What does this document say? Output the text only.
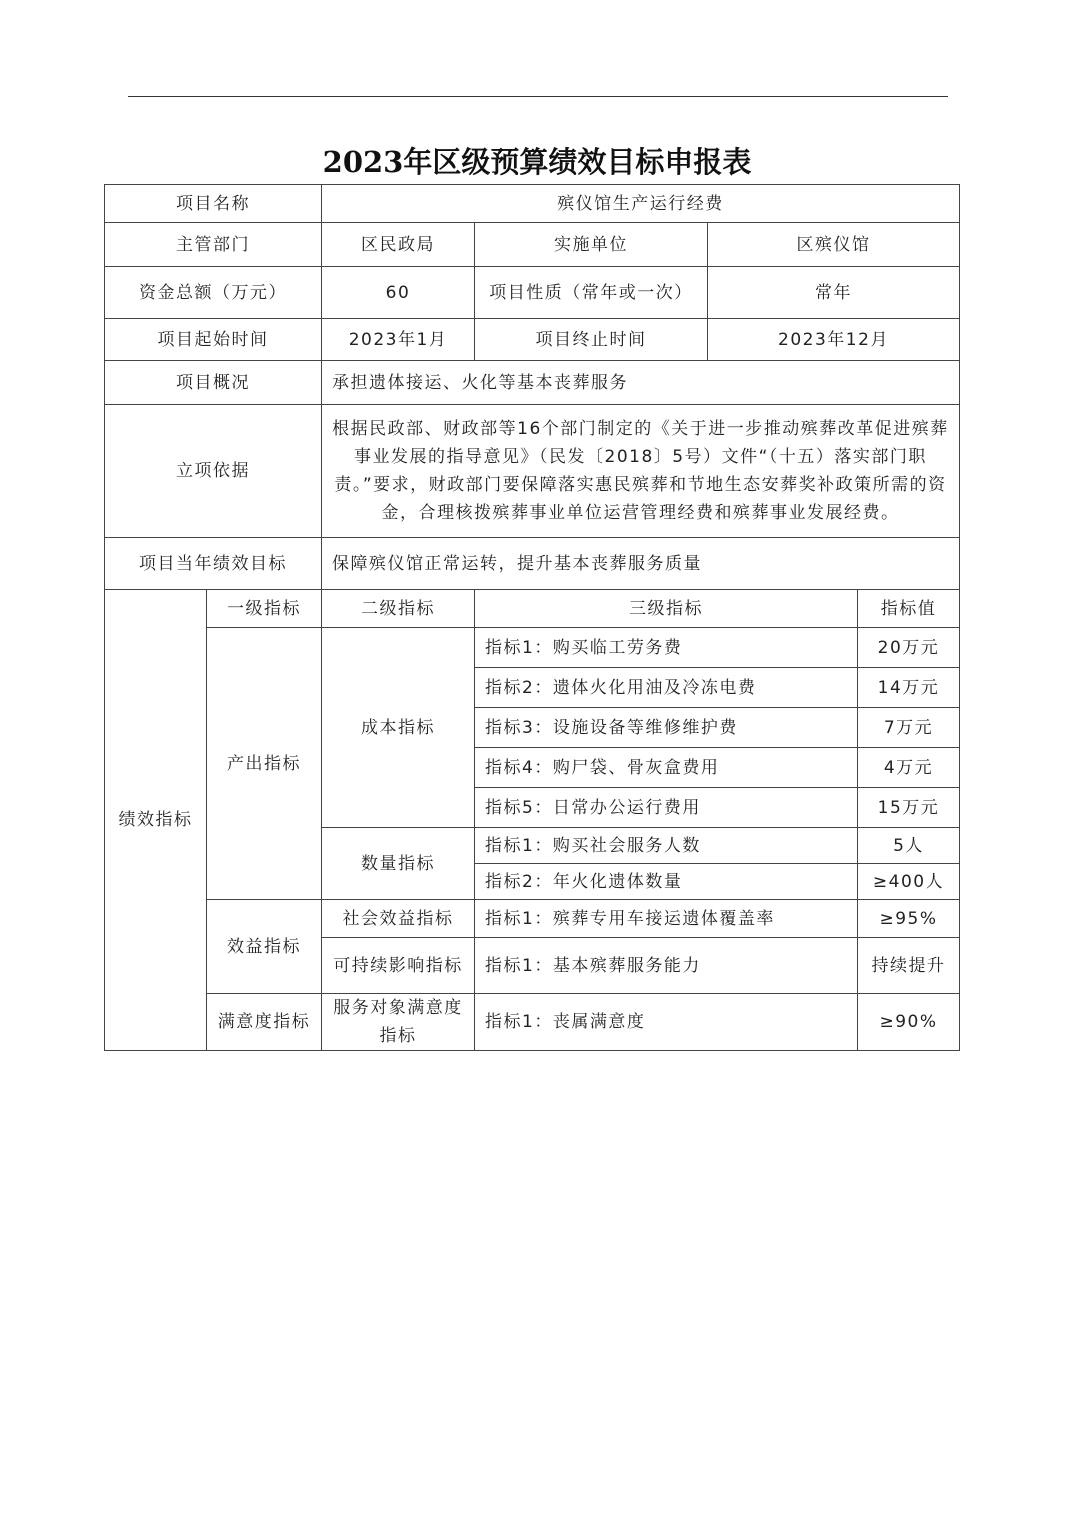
2023年区级预算绩效目标申报表
项目名称		殡仪馆生产运行经费			
主管部门		区民政局	实施单位	区殡仪馆	
资金总额（万元）		60	项目性质（常年或一次）	常年	
项目起始时间		2023年1月	项目终止时间	2023年12月	
项目概况		承担遗体接运、火化等基本丧葬服务			
立项依据		根据民政部、财政部等16个部门制定的《关于进一步推动殡葬改革促进殡葬事业发展的指导意见》（民发〔2018〕5号）文件“（十五）落实部门职责。”要求，财政部门要保障落实惠民殡葬和节地生态安葬奖补政策所需的资金，合理核拨殡葬事业单位运营管理经费和殡葬事业发展经费。			
项目当年绩效目标		保障殡仪馆正常运转，提升基本丧葬服务质量			
绩效指标	一级指标	二级指标	三级指标		指标值
	产出指标	成本指标	指标1：购买临工劳务费		20万元
			指标2：遗体火化用油及冷冻电费		14万元
			指标3：设施设备等维修维护费		7万元
			指标4：购尸袋、骨灰盒费用		4万元
			指标5：日常办公运行费用		15万元
		数量指标	指标1：购买社会服务人数		5人
			指标2：年火化遗体数量		≥400人
	效益指标	社会效益指标	指标1：殡葬专用车接运遗体覆盖率		≥95%
		可持续影响指标	指标1：基本殡葬服务能力		持续提升
	满意度指标	服务对象满意度指标	指标1：丧属满意度		≥90%
